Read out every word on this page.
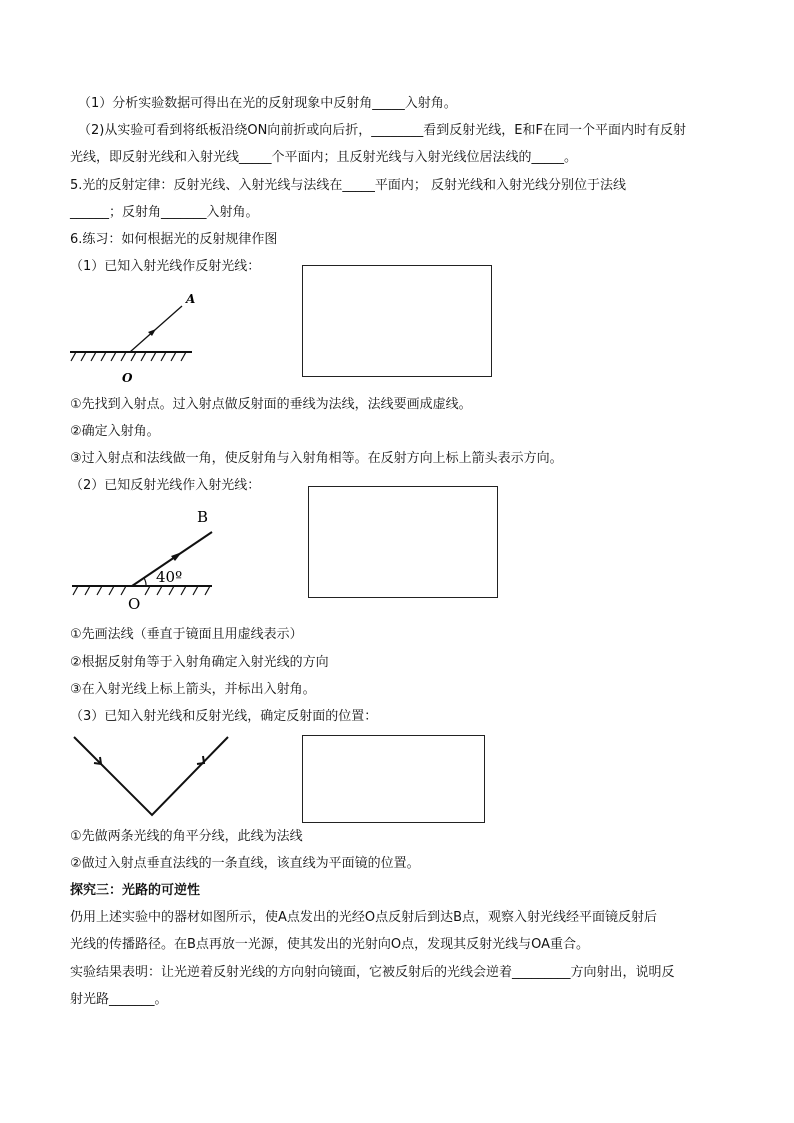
（1）分析实验数据可得出在光的反射现象中反射角_____入射角。
（2)从实验可看到将纸板沿绕ON向前折或向后折，________看到反射光线，E和F在同一个平面内时有反射
光线，即反射光线和入射光线_____个平面内；且反射光线与入射光线位居法线的_____。
5.光的反射定律：反射光线、入射光线与法线在_____平面内； 反射光线和入射光线分别位于法线
______；反射角_______入射角。
6.练习：如何根据光的反射规律作图
（1）已知入射光线作反射光线：
A
O
①先找到入射点。过入射点做反射面的垂线为法线，法线要画成虚线。
②确定入射角。
③过入射点和法线做一角，使反射角与入射角相等。在反射方向上标上箭头表示方向。
（2）已知反射光线作入射光线：
B
O
40º
①先画法线（垂直于镜面且用虚线表示）
②根据反射角等于入射角确定入射光线的方向
③在入射光线上标上箭头，并标出入射角。
（3）已知入射光线和反射光线，确定反射面的位置：
①先做两条光线的角平分线，此线为法线
②做过入射点垂直法线的一条直线，该直线为平面镜的位置。
探究三：光路的可逆性
仍用上述实验中的器材如图所示，使A点发出的光经O点反射后到达B点，观察入射光线经平面镜反射后
光线的传播路径。在B点再放一光源，使其发出的光射向O点，发现其反射光线与OA重合。
实验结果表明：让光逆着反射光线的方向射向镜面，它被反射后的光线会逆着_________方向射出，说明反
射光路_______。
